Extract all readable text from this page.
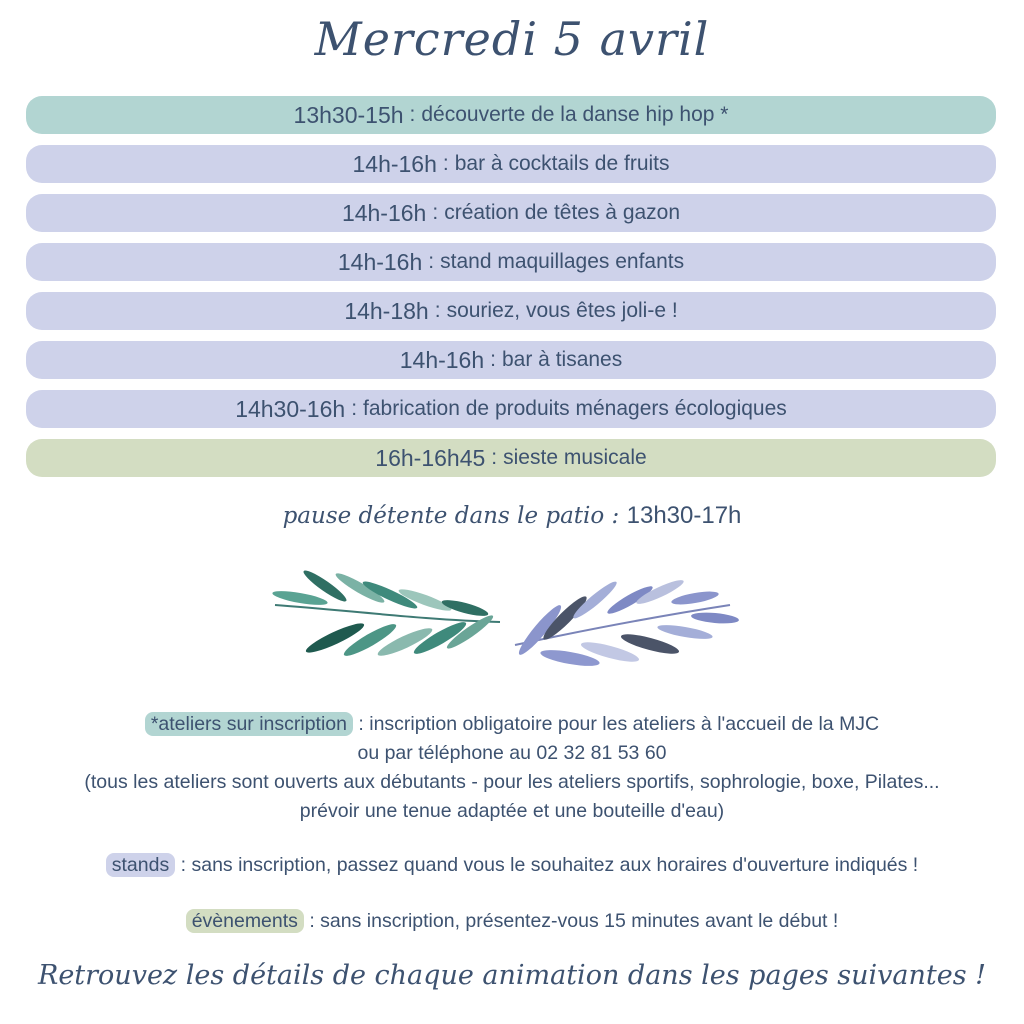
Mercredi 5 avril
13h30-15h : découverte de la danse hip hop *
14h-16h : bar à cocktails de fruits
14h-16h : création de têtes à gazon
14h-16h : stand maquillages enfants
14h-18h : souriez, vous êtes joli-e !
14h-16h : bar à tisanes
14h30-16h : fabrication de produits ménagers écologiques
16h-16h45 : sieste musicale
pause détente dans le patio : 13h30-17h

*ateliers sur inscription : inscription obligatoire pour les ateliers à l'accueil de la MJC

ou par téléphone au 02 32 81 53 60

(tous les ateliers sont ouverts aux débutants - pour les ateliers sportifs, sophrologie, boxe, Pilates...

prévoir une tenue adaptée et une bouteille d'eau)

stands : sans inscription, passez quand vous le souhaitez aux horaires d'ouverture indiqués !
évènements : sans inscription, présentez-vous 15 minutes avant le début !
Retrouvez les détails de chaque animation dans les pages suivantes !
